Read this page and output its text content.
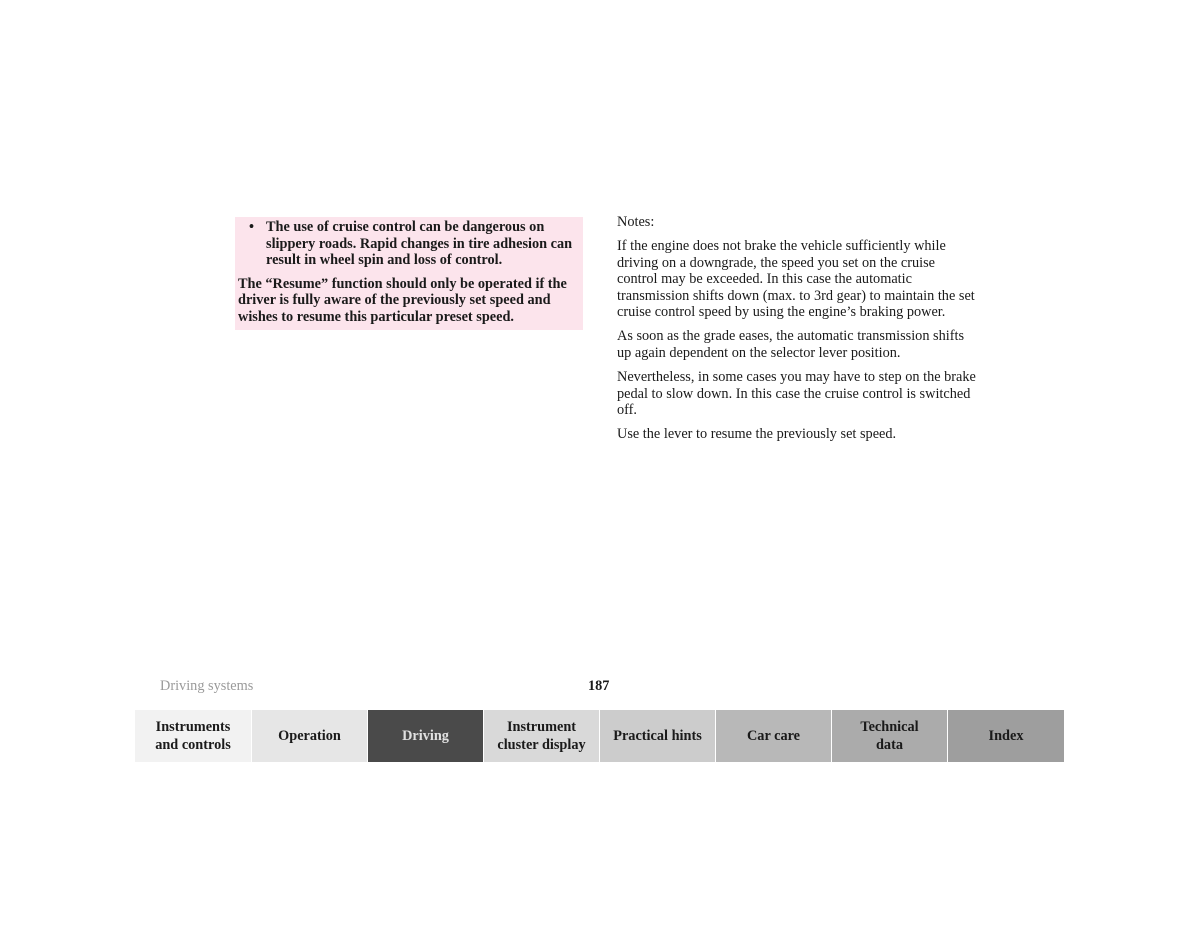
• The use of cruise control can be dangerous on slippery roads. Rapid changes in tire adhesion can result in wheel spin and loss of control.

The “Resume” function should only be operated if the driver is fully aware of the previously set speed and wishes to resume this particular preset speed.

Notes:

If the engine does not brake the vehicle sufficiently while driving on a downgrade, the speed you set on the cruise control may be exceeded. In this case the automatic transmission shifts down (max. to 3rd gear) to maintain the set cruise control speed by using the engine’s braking power.

As soon as the grade eases, the automatic transmission shifts up again dependent on the selector lever position.

Nevertheless, in some cases you may have to step on the brake pedal to slow down. In this case the cruise control is switched off.

Use the lever to resume the previously set speed.

Driving systems	187
Instruments
and controls
Operation	Driving
Instrument
cluster display
Practical hints	Car care
Technical
data
Index
